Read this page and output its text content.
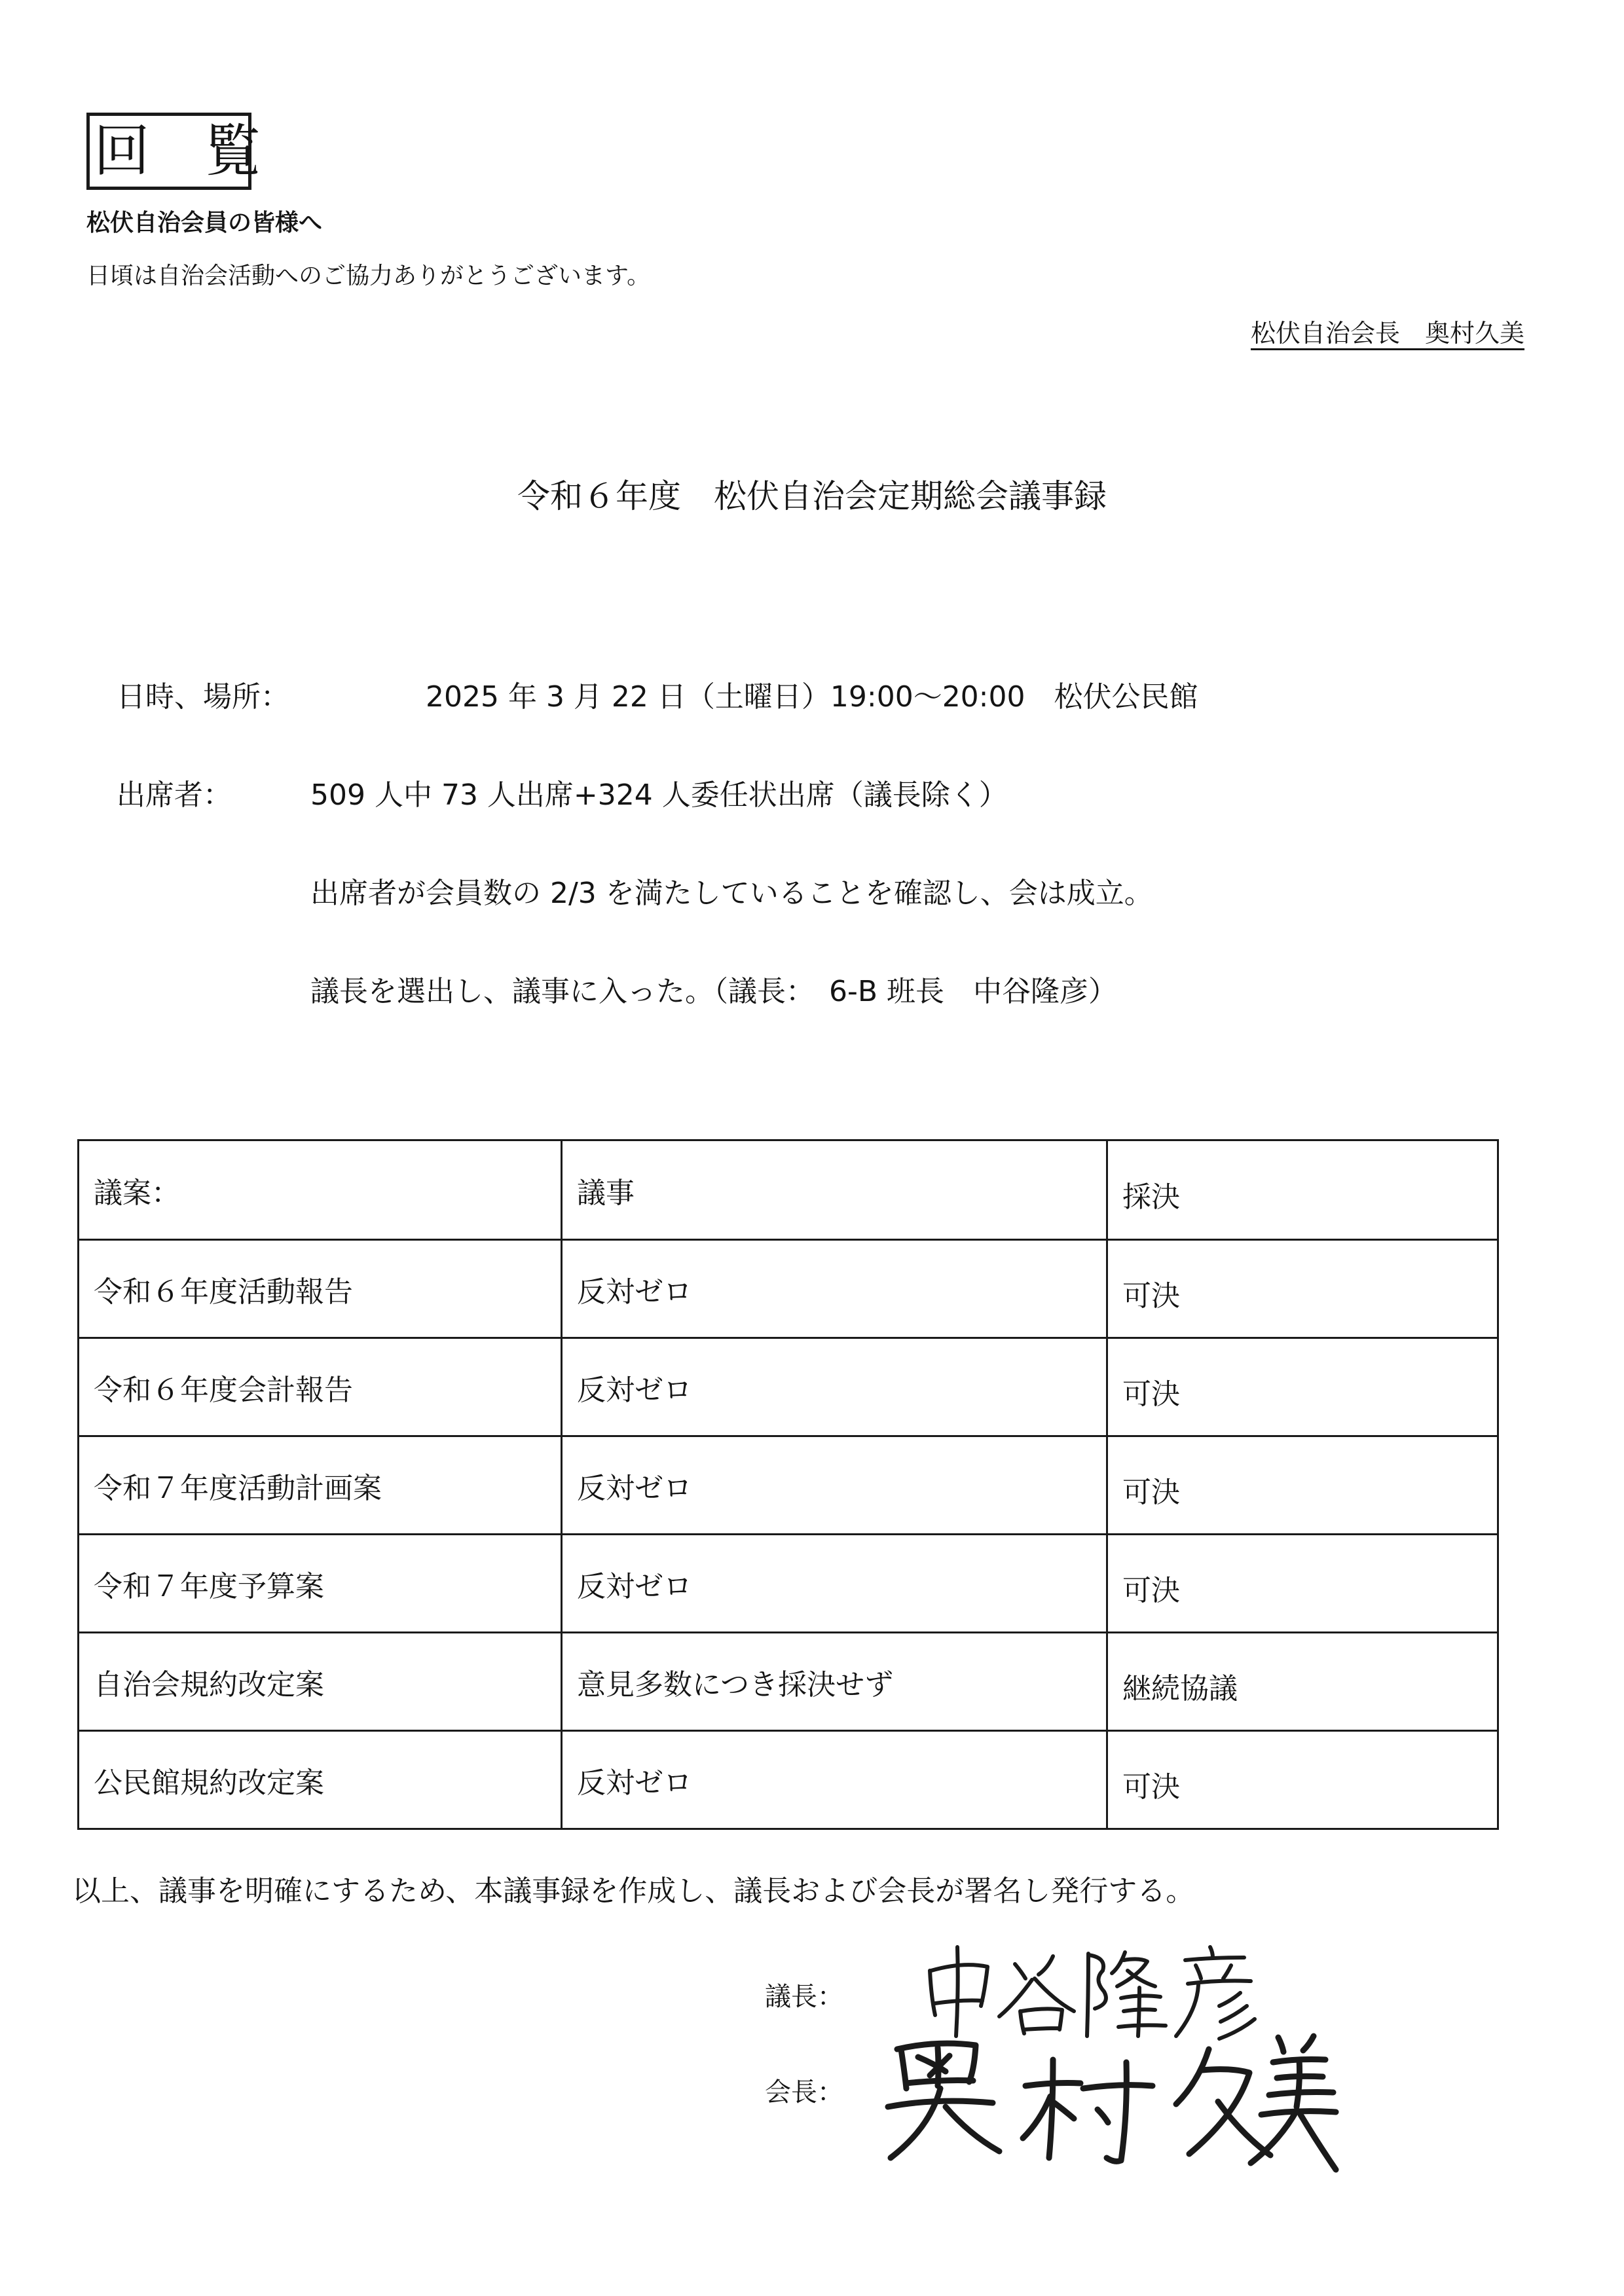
回 覧
松伏自治会員の皆様へ
日頃は自治会活動へのご協力ありがとうございます。
松伏自治会長　奥村久美
令和６年度　松伏自治会定期総会議事録
日時、場所：	2025 年 3 月 22 日（土曜日）19:00～20:00　松伏公民館
出席者：	509 人中 73 人出席+324 人委任状出席（議長除く）
出席者が会員数の 2/3 を満たしていることを確認し、会は成立。
議長を選出し、議事に入った。（議長：　6-B 班長　中谷隆彦）
議案：	議事	採決
令和６年度活動報告	反対ゼロ	可決
令和６年度会計報告	反対ゼロ	可決
令和７年度活動計画案	反対ゼロ	可決
令和７年度予算案	反対ゼロ	可決
自治会規約改定案	意見多数につき採決せず	継続協議
公民館規約改定案	反対ゼロ	可決
以上、議事を明確にするため、本議事録を作成し、議長および会長が署名し発行する。
議長：
会長：
